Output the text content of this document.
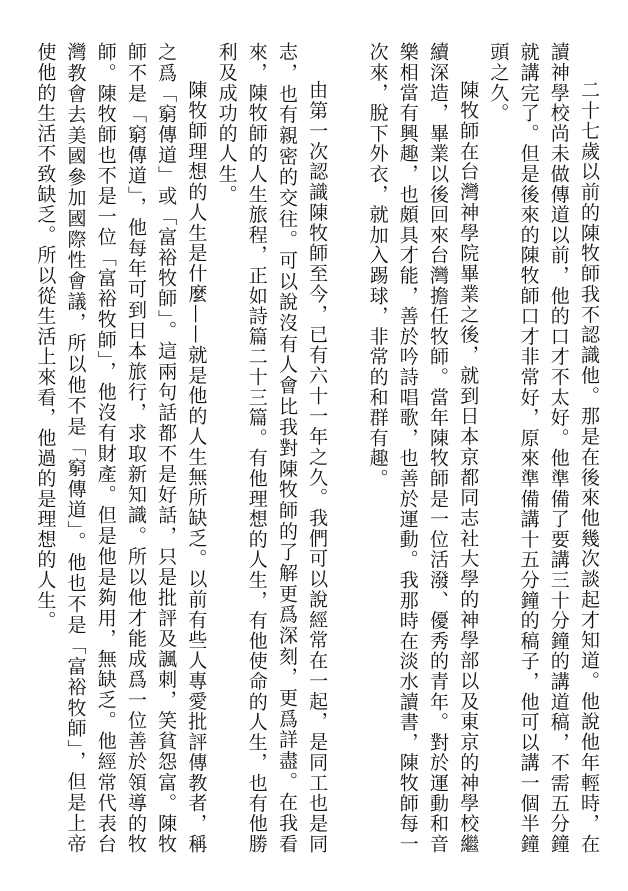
二十七歲以前的陳牧師我不認識他。那是在後來他幾次談起才知道。他說他年輕時，在讀神學校尚未做傳道以前，他的口才不太好。他準備了要講三十分鐘的講道稿，不需五分鐘就講完了。但是後來的陳牧師口才非常好，原來準備講十五分鐘的稿子，他可以講一個半鐘頭之久。

陳牧師在台灣神學院畢業之後，就到日本京都同志社大學的神學部以及東京的神學校繼續深造，畢業以後回來台灣擔任牧師。當年陳牧師是一位活潑、優秀的青年。對於運動和音樂相當有興趣，也頗具才能，善於吟詩唱歌，也善於運動。我那時在淡水讀書，陳牧師每一次來，脫下外衣，就加入踢球，非常的和群有趣。

由第一次認識陳牧師至今，已有六十一年之久。我們可以說經常在一起，是同工也是同志，也有親密的交往。可以說沒有人會比我對陳牧師的了解更爲深刻，更爲詳盡。在我看來，陳牧師的人生旅程，正如詩篇二十三篇。有他理想的人生，有他使命的人生，也有他勝利及成功的人生。

陳牧師理想的人生是什麼——就是他的人生無所缺乏。以前有些人專愛批評傳教者，稱之爲「窮傳道」或「富裕牧師」。這兩句話都不是好話，只是批評及諷刺，笑貧怨富。陳牧師不是「窮傳道」，他每年可到日本旅行，求取新知識。所以他才能成爲一位善於領導的牧師。陳牧師也不是一位「富裕牧師」，他沒有財產。但是他是夠用，無缺乏。他經常代表台灣教會去美國參加國際性會議，所以他不是「窮傳道」。他也不是「富裕牧師」，但是上帝使他的生活不致缺乏。所以從生活上來看，他過的是理想的人生。
